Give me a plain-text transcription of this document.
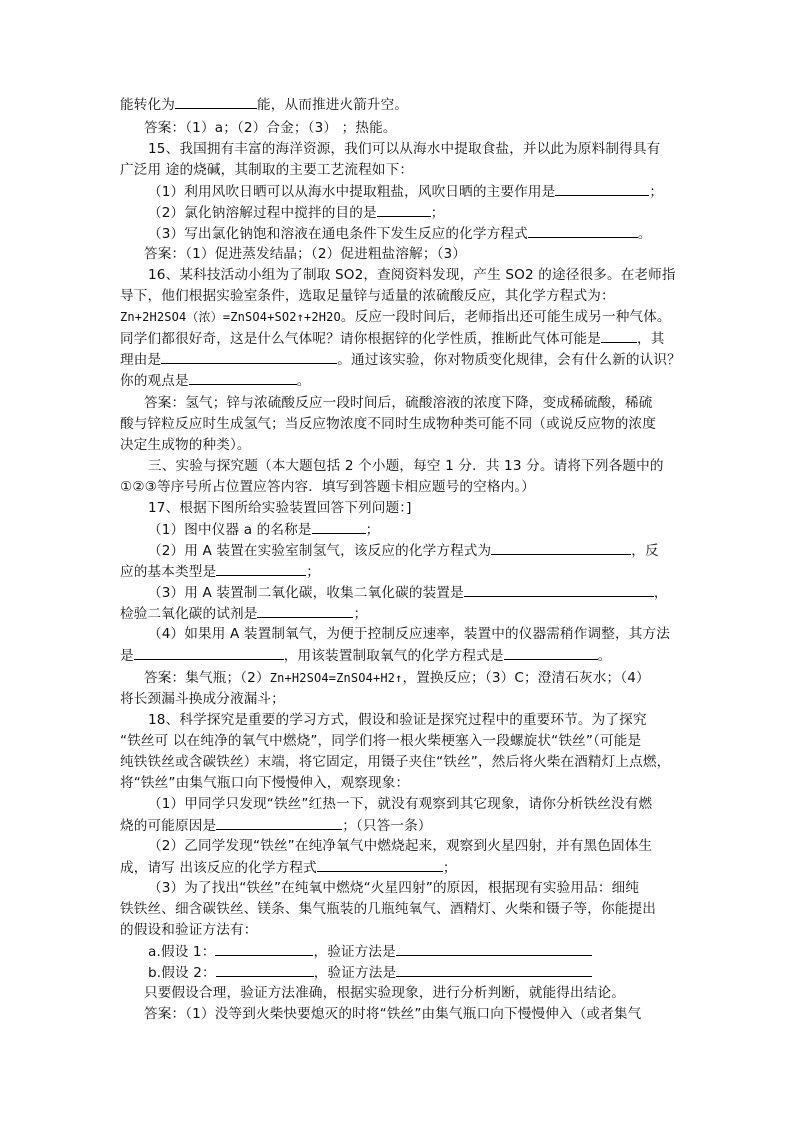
能转化为	能，从而推进火箭升空。
答案：（1）a；（2）合金；（3） ；热能。
15、我国拥有丰富的海洋资源，我们可以从海水中提取食盐，并以此为原料制得具有
广泛用 途的烧碱，其制取的主要工艺流程如下：
（1）利用风吹日晒可以从海水中提取粗盐，风吹日晒的主要作用是	；
（2）氯化钠溶解过程中搅拌的目的是	；
（3）写出氯化钠饱和溶液在通电条件下发生反应的化学方程式	。
答案：（1）促进蒸发结晶；（2）促进粗盐溶解；（3）
16、某科技活动小组为了制取 SO2，查阅资料发现，产生 SO2 的途径很多。在老师指
导下，他们根据实验室条件，选取足量锌与适量的浓硫酸反应，其化学方程式为：
Zn+2H2SO4（浓）=ZnSO4+SO2↑+2H2O。反应一段时间后，老师指出还可能生成另一种气体。
同学们都很好奇，这是什么气体呢？请你根据锌的化学性质，推断此气体可能是	，其
理由是	。通过该实验，你对物质变化规律，会有什么新的认识？
你的观点是	。
答案：氢气；锌与浓硫酸反应一段时间后，硫酸溶液的浓度下降，变成稀硫酸，稀硫
酸与锌粒反应时生成氢气；当反应物浓度不同时生成物种类可能不同（或说反应物的浓度
决定生成物的种类）。
三、实验与探究题（本大题包括 2 个小题，每空 1 分．共 13 分。请将下列各题中的
①②③等序号所占位置应答内容．填写到答题卡相应题号的空格内。）
17、根据下图所给实验装置回答下列问题：]
（1）图中仪器 a 的名称是	；
（2）用 A 装置在实验室制氢气，该反应的化学方程式为	，反
应的基本类型是	；
（3）用 A 装置制二氧化碳，收集二氧化碳的装置是	，
检验二氧化碳的试剂是	；
（4）如果用 A 装置制氧气，为便于控制反应速率，装置中的仪器需稍作调整，其方法
是	，用该装置制取氧气的化学方程式是	。
答案：集气瓶；（2）Zn+H2SO4=ZnSO4+H2↑，置换反应；（3）C；澄清石灰水；（4）
将长颈漏斗换成分液漏斗；
18、科学探究是重要的学习方式，假设和验证是探究过程中的重要环节。为了探究
“铁丝可 以在纯净的氧气中燃烧”，同学们将一根火柴梗塞入一段螺旋状“铁丝”（可能是
纯铁铁丝或含碳铁丝）末端，将它固定，用镊子夹住“铁丝”，然后将火柴在酒精灯上点燃，
将“铁丝”由集气瓶口向下慢慢伸入，观察现象：
（1）甲同学只发现“铁丝”红热一下，就没有观察到其它现象，请你分析铁丝没有燃
烧的可能原因是	；（只答一条）
（2）乙同学发现“铁丝”在纯净氧气中燃烧起来，观察到火星四射，并有黑色固体生
成，请写 出该反应的化学方程式	；
（3）为了找出“铁丝”在纯氧中燃烧“火星四射”的原因，根据现有实验用品：细纯
铁铁丝、细含碳铁丝、镁条、集气瓶装的几瓶纯氧气、酒精灯、火柴和镊子等，你能提出
的假设和验证方法有：
a.假设 1：	，验证方法是
b.假设 2：	，验证方法是
只要假设合理，验证方法准确，根据实验现象，进行分析判断，就能得出结论。
答案：（1）没等到火柴快要熄灭的时将“铁丝”由集气瓶口向下慢慢伸入（或者集气
